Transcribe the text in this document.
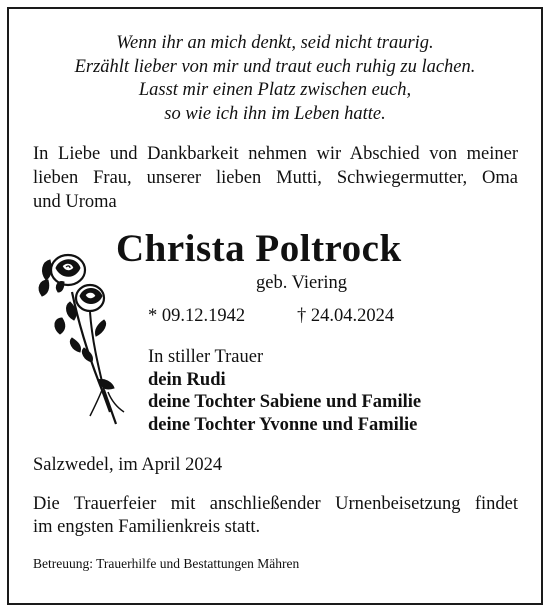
Wenn ihr an mich denkt, seid nicht traurig.
Erzählt lieber von mir und traut euch ruhig zu lachen.
Lasst mir einen Platz zwischen euch,
so wie ich ihn im Leben hatte.
In Liebe und Dankbarkeit nehmen wir Abschied von meiner
lieben Frau, unserer lieben Mutti, Schwiegermutter, Oma
und Uroma
Christa Poltrock
geb. Viering
* 09.12.1942	† 24.04.2024
In stiller Trauer
dein Rudi
deine Tochter Sabiene und Familie
deine Tochter Yvonne und Familie
Salzwedel, im April 2024
Die Trauerfeier mit anschließender Urnenbeisetzung findet
im engsten Familienkreis statt.
Betreuung: Trauerhilfe und Bestattungen Mähren
